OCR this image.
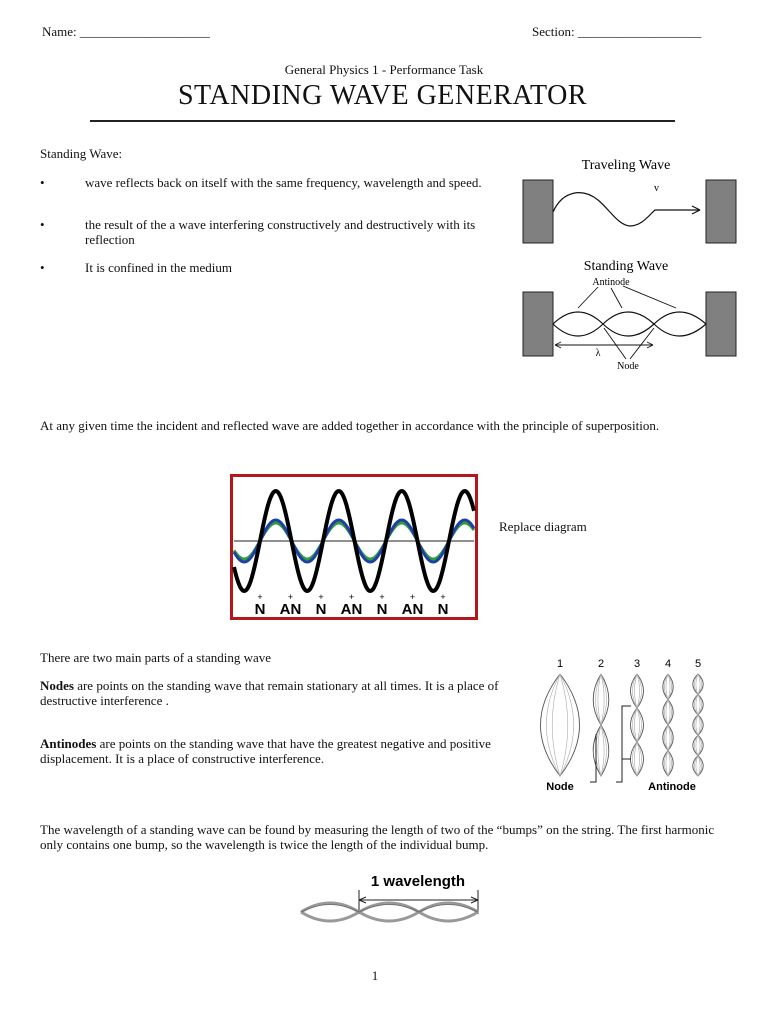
Name: ____________________	Section: ___________________
General Physics 1 - Performance Task
STANDING WAVE GENERATOR
Standing Wave:
•	wave reflects back on itself with the same frequency, wavelength and speed.
•	the result of the a wave interfering constructively and destructively with its reflection
•	It is confined in the medium
Traveling Wave
v
Standing Wave
Antinode
λ
Node
At any given time the incident and reflected wave are added together in accordance with the principle of superposition.
+
N
+
AN
+
N
+
AN
+
N
+
AN
+
N
Replace diagram
There are two main parts of a standing wave
Nodes are points on the standing wave that remain stationary at all times. It is a place of destructive interference .
Antinodes are points on the standing wave that have the greatest negative and positive displacement. It is a place of constructive interference.
1	2	3 4 5
Node	Antinode
The wavelength of a standing wave can be found by measuring the length of two of the “bumps” on the string. The first harmonic only contains one bump, so the wavelength is twice the length of the individual bump.
1 wavelength
1
